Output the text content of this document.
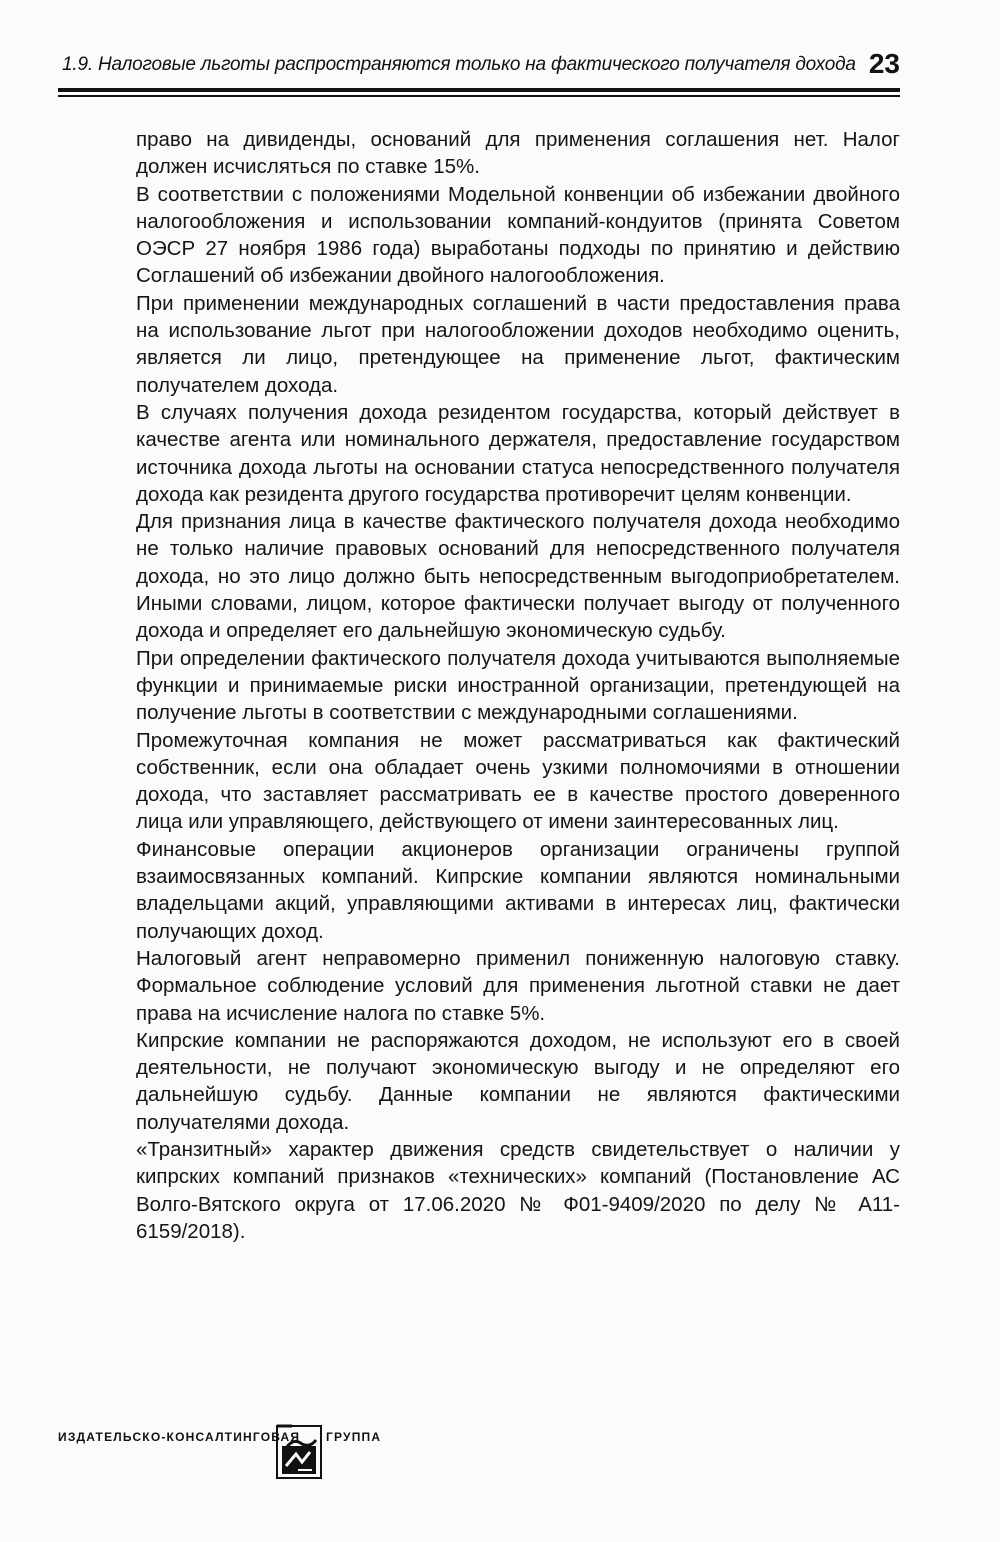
1.9. Налоговые льготы распространяются только на фактического получателя дохода 23

право на дивиденды, оснований для применения соглашения нет. Налог должен исчисляться по ставке 15%.

В соответствии с положениями Модельной конвенции об избежании двойного налогообложения и использовании компаний-кондуитов (принята Советом ОЭСР 27 ноября 1986 года) выработаны подходы по принятию и действию Соглашений об избежании двойного налогообложения.

При применении международных соглашений в части предоставления права на использование льгот при налогообложении доходов необходимо оценить, является ли лицо, претендующее на применение льгот, фактическим получателем дохода.

В случаях получения дохода резидентом государства, который действует в качестве агента или номинального держателя, предоставление государством источника дохода льготы на основании статуса непосредственного получателя дохода как резидента другого государства противоречит целям конвенции.

Для признания лица в качестве фактического получателя дохода необходимо не только наличие правовых оснований для непосредственного получателя дохода, но это лицо должно быть непосредственным выгодоприобретателем. Иными словами, лицом, которое фактически получает выгоду от полученного дохода и определяет его дальнейшую экономическую судьбу.

При определении фактического получателя дохода учитываются выполняемые функции и принимаемые риски иностранной организации, претендующей на получение льготы в соответствии с международными соглашениями.

Промежуточная компания не может рассматриваться как фактический собственник, если она обладает очень узкими полномочиями в отношении дохода, что заставляет рассматривать ее в качестве простого доверенного лица или управляющего, действующего от имени заинтересованных лиц.

Финансовые операции акционеров организации ограничены группой взаимосвязанных компаний. Кипрские компании являются номинальными владельцами акций, управляющими активами в интересах лиц, фактически получающих доход.

Налоговый агент неправомерно применил пониженную налоговую ставку. Формальное соблюдение условий для применения льготной ставки не дает права на исчисление налога по ставке 5%.

Кипрские компании не распоряжаются доходом, не используют его в своей деятельности, не получают экономическую выгоду и не определяют его дальнейшую судьбу. Данные компании не являются фактическими получателями дохода.

«Транзитный» характер движения средств свидетельствует о наличии у кипрских компаний признаков «технических» компаний (Постановление АС Волго-Вятского округа от 17.06.2020 № Ф01-9409/2020 по делу № А11-6159/2018).

ИЗДАТЕЛЬСКО-КОНСАЛТИНГОВАЯ ГРУППА
